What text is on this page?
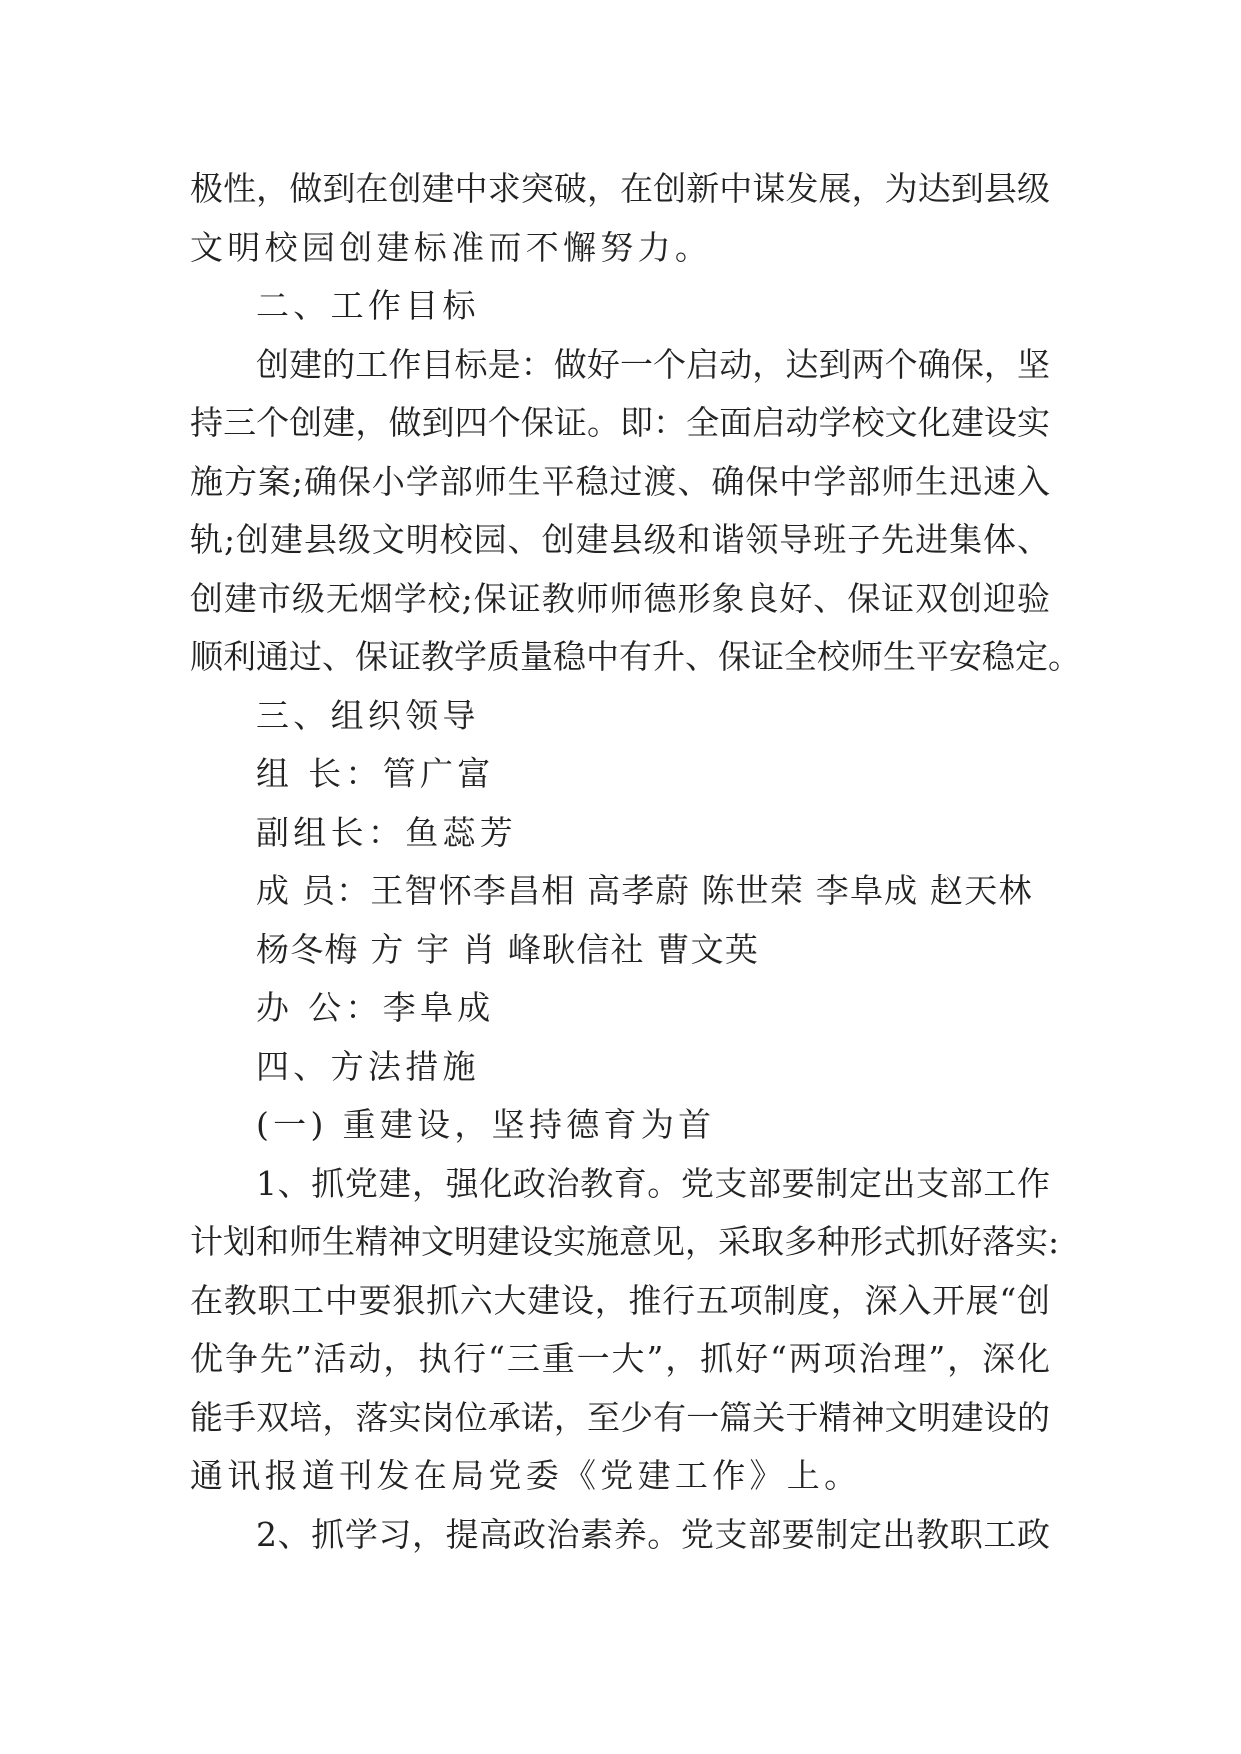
极性，做到在创建中求突破，在创新中谋发展，为达到县级
文明校园创建标准而不懈努力。
二、工作目标
创建的工作目标是：做好一个启动，达到两个确保，坚
持三个创建，做到四个保证。即：全面启动学校文化建设实
施方案;确保小学部师生平稳过渡、确保中学部师生迅速入
轨;创建县级文明校园、创建县级和谐领导班子先进集体、
创建市级无烟学校;保证教师师德形象良好、保证双创迎验
顺利通过、保证教学质量稳中有升、保证全校师生平安稳定。
三、组织领导
组 长：管广富
副组长：鱼蕊芳
成 员：王智怀李昌相 高孝蔚 陈世荣 李阜成 赵天林
杨冬梅 方 宇 肖 峰耿信社 曹文英
办 公：李阜成
四、方法措施
(一) 重建设，坚持德育为首
1、抓党建，强化政治教育。党支部要制定出支部工作
计划和师生精神文明建设实施意见，采取多种形式抓好落实:
在教职工中要狠抓六大建设，推行五项制度，深入开展“创
优争先”活动，执行“三重一大”，抓好“两项治理”，深化
能手双培，落实岗位承诺，至少有一篇关于精神文明建设的
通讯报道刊发在局党委《党建工作》上。
2、抓学习，提高政治素养。党支部要制定出教职工政
